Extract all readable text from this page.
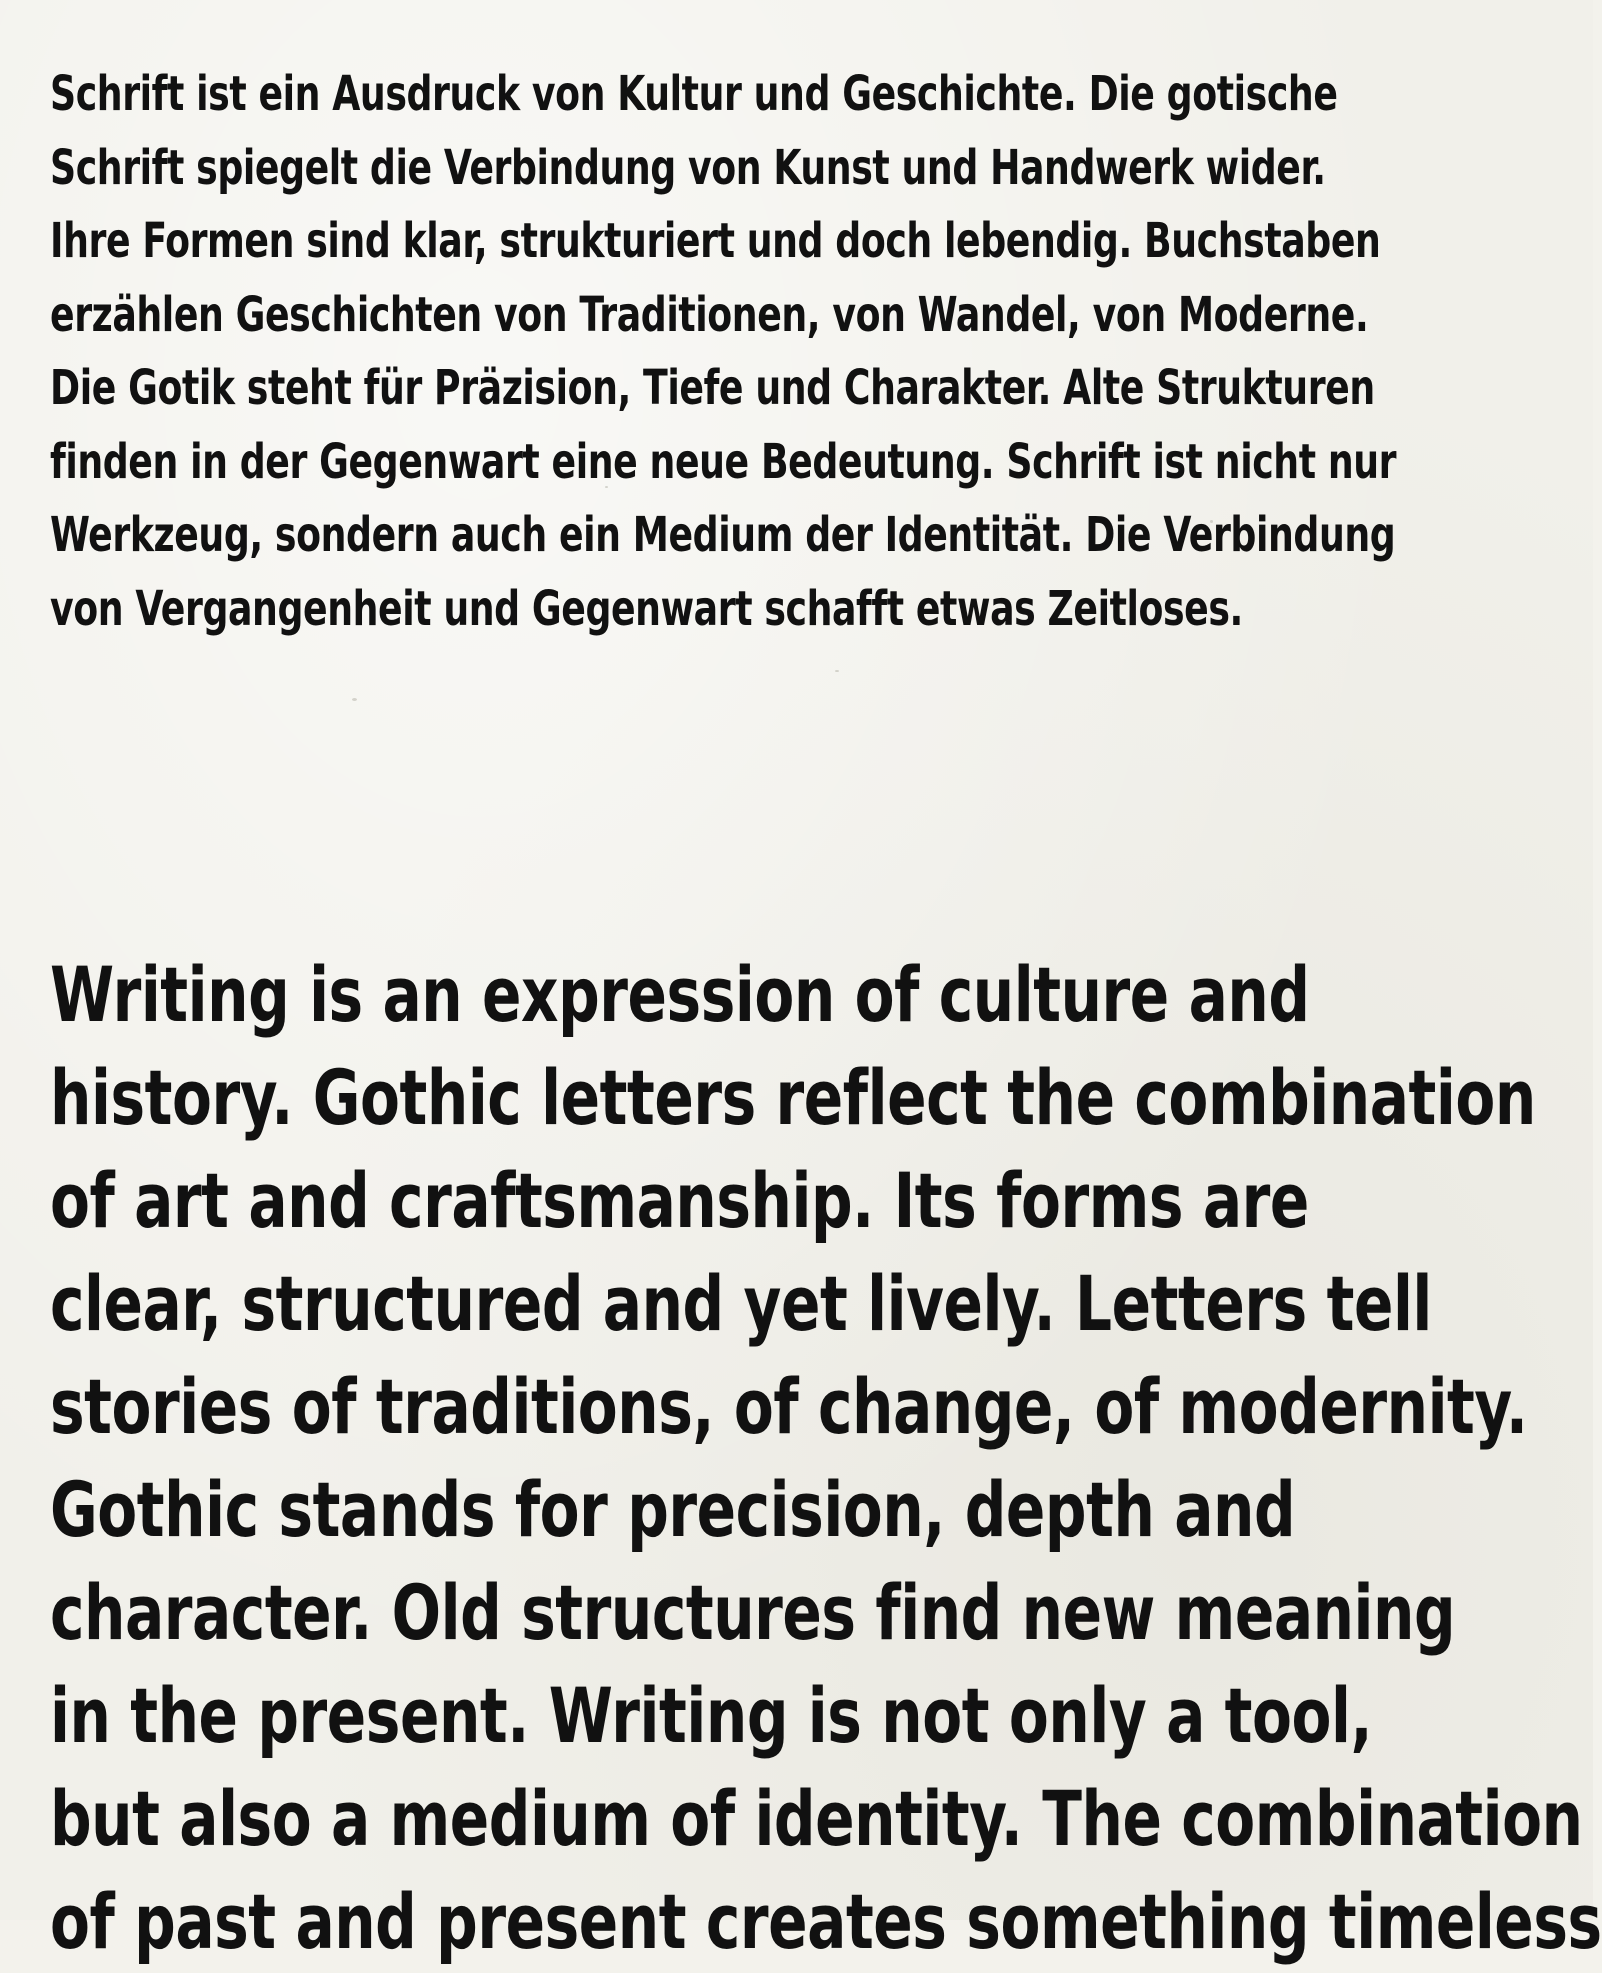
Schrift ist ein Ausdruck von Kultur und Geschichte. Die gotische
Schrift spiegelt die Verbindung von Kunst und Handwerk wider.
Ihre Formen sind klar, strukturiert und doch lebendig. Buchstaben
erzählen Geschichten von Traditionen, von Wandel, von Moderne.
Die Gotik steht für Präzision, Tiefe und Charakter. Alte Strukturen
finden in der Gegenwart eine neue Bedeutung. Schrift ist nicht nur
Werkzeug, sondern auch ein Medium der Identität. Die Verbindung
von Vergangenheit und Gegenwart schafft etwas Zeitloses.

Writing is an expression of culture and
history. Gothic letters reflect the combination
of art and craftsmanship. Its forms are
clear, structured and yet lively. Letters tell
stories of traditions, of change, of modernity.
Gothic stands for precision, depth and
character. Old structures find new meaning
in the present. Writing is not only a tool,
but also a medium of identity. The combination
of past and present creates something timeless
